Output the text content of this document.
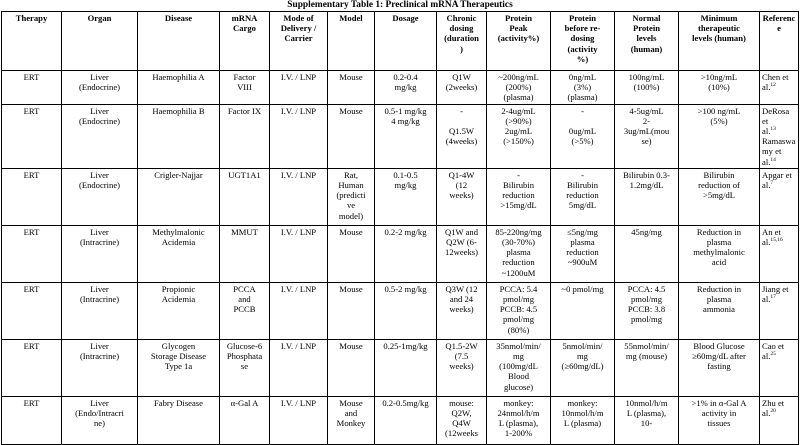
Supplementary Table 1: Preclinical mRNA Therapeutics
Therapy	Organ	Disease	mRNA
Cargo	Mode of
Delivery /
Carrier	Model	Dosage	Chronic
dosing
(duration
)	Protein
Peak
(activity%)	Protein
before re-
dosing
(activity
%)	Normal
Protein
levels
(human)	Minimum
therapeutic
levels (human)	Reference
ERT	Liver
(Endocrine)	Haemophilia A	Factor
VIII	I.V. / LNP	Mouse	0.2-0.4
mg/kg	Q1W
(2weeks)	~200ng/mL
(200%)
(plasma)	0ng/mL
(3%)
(plasma)	100ng/mL
(100%)	>10ng/mL
(10%)	Chen et
al.$^{12}$
ERT	Liver
(Endocrine)	Haemophilia B	Factor IX	I.V. / LNP	Mouse	0.5-1 mg/kg
4 mg/kg	-

Q1.5W
(4weeks)	2-4ug/mL
(>90%)
2ug/mL
(>150%)	-

0ug/mL
(>5%)	4-5ug/mL
2-
3ug/mL(mou
se)	>100 ng/mL
(5%)	DeRosa et
al.$^{13}$ Ramaswa
my et al.$^{14}$
ERT	Liver
(Endocrine)	Crigler-Najjar	UGT1A1	I.V. / LNP	Rat,
Human
(predicti
ve
model)	0.1-0.5
mg/kg	Q1-4W
(12
weeks)	-
Bilirubin
reduction
>15mg/dL	-
Bilirubin
reduction
5mg/dL	Bilirubin 0.3-
1.2mg/dL	Bilirubin
reduction of
>5mg/dL	Apgar et
al.$^7$
ERT	Liver
(Intracrine)	Methylmalonic
Acidemia	MMUT	I.V. / LNP	Mouse	0.2-2 mg/kg	Q1W and
Q2W (6-
12weeks)	85-220ng/mg
(30-70%)
plasma
reduction
~1200uM	≤5ng/mg
plasma
reduction
~900uM	45ng/mg	Reduction in
plasma
methylmalonic
acid	An et
al.$^{15,16}$
ERT	Liver
(Intracrine)	Propionic
Acidemia	PCCA
and
PCCB	I.V. / LNP	Mouse	0.5-2 mg/kg	Q3W (12
and 24
weeks)	PCCA: 5.4
pmol/mg
PCCB: 4.5
pmol/mg
(80%)	~0 pmol/mg	PCCA: 4.5
pmol/mg
PCCB: 3.8
pmol/mg	Reduction in
plasma
ammonia	Jiang et
al.$^{17}$
ERT	Liver
(Intracrine)	Glycogen
Storage Disease
Type 1a	Glucose-6
Phosphata
se	I.V. / LNP	Mouse	0.25-1mg/kg	Q1.5-2W
(7.5
weeks)	35nmol/min/
mg
(100mg/dL
Blood
glucose)	5nmol/min/
mg
(≥60mg/dL)	55nmol/min/
mg (mouse)	Blood Glucose
≥60mg/dL after
fasting	Cao et
al.$^{25}$
ERT	Liver
(Endo/Intracri
ne)	Fabry Disease	α-Gal A	I.V. / LNP	Mouse
and
Monkey	0.2-0.5mg/kg	mouse:
Q2W,
Q4W
(12weeks	monkey:
24nmol/h/m
L (plasma),
1-200%	monkey:
10nmol/h/m
L (plasma)	10nmol/h/m
L (plasma),
10-	>1% in α-Gal A
activity in
tissues	Zhu et
al.$^{20}$
